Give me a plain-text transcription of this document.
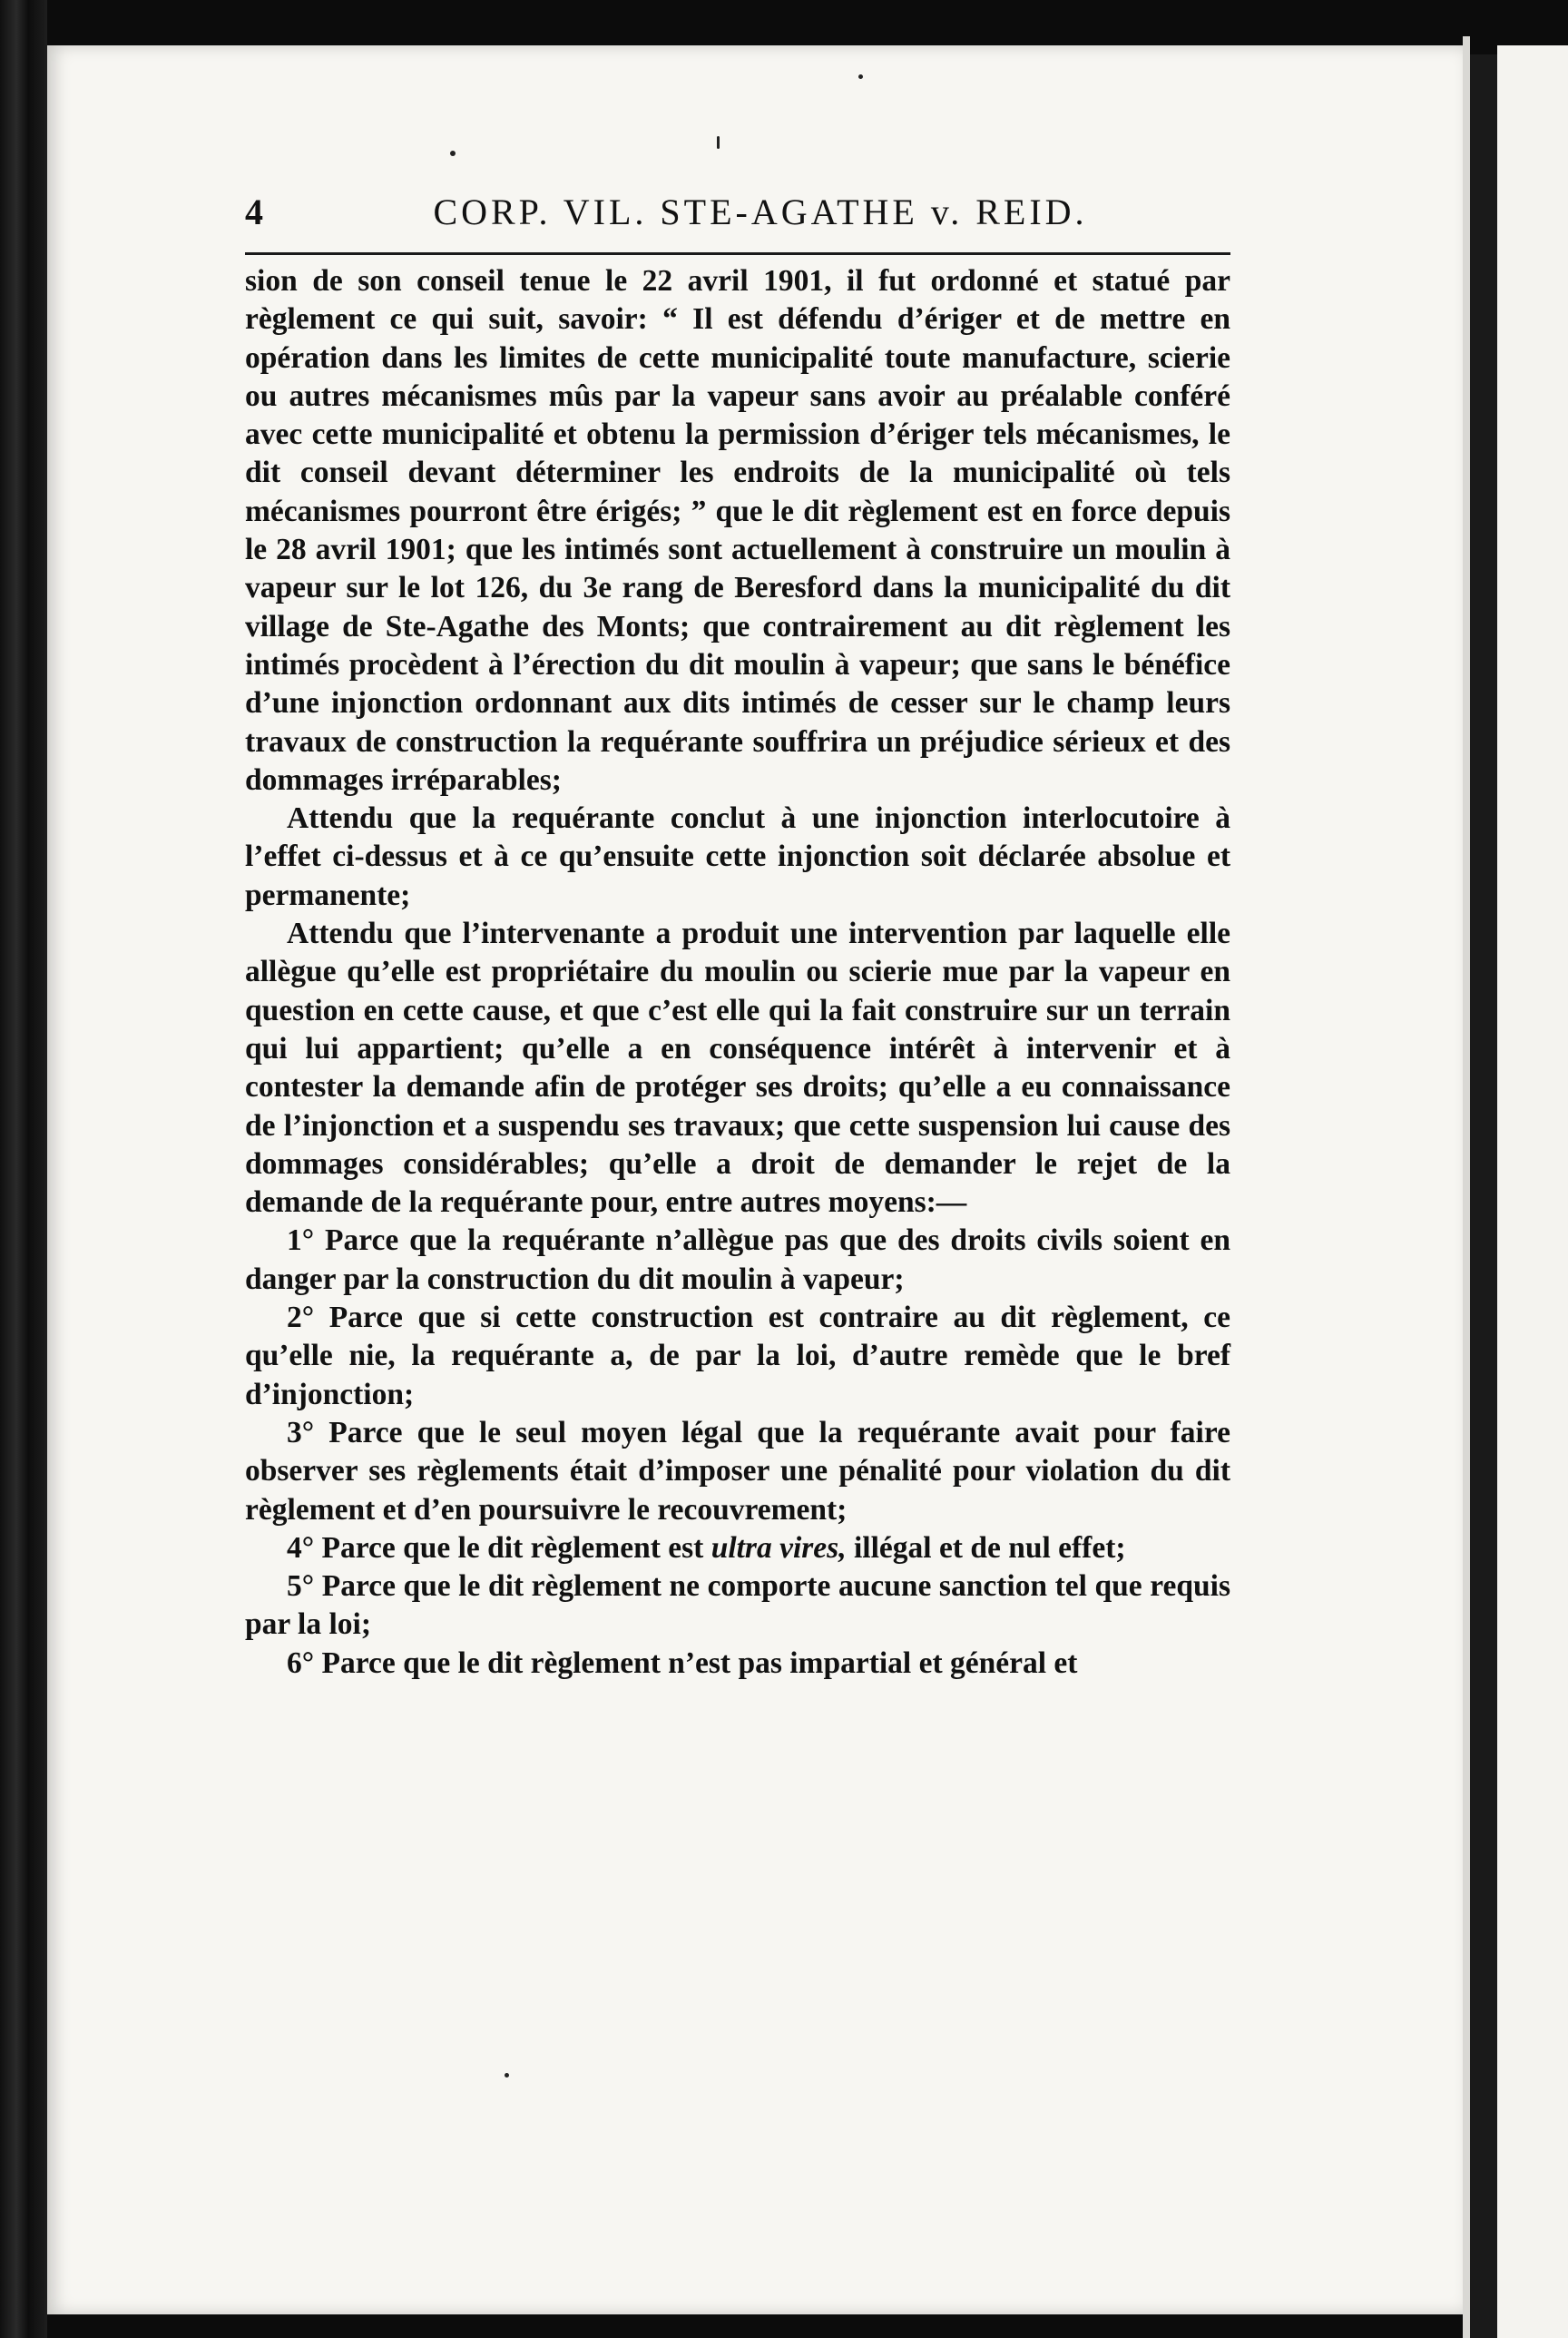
4	CORP. VIL. STE-AGATHE v. REID.

sion de son conseil tenue le 22 avril 1901, il fut ordonné et statué par règlement ce qui suit, savoir: “ Il est défendu d’ériger et de mettre en opération dans les limites de cette municipalité toute manufacture, scierie ou autres mécanismes mûs par la vapeur sans avoir au préalable conféré avec cette municipalité et obtenu la permission d’ériger tels mécanismes, le dit conseil devant déterminer les endroits de la municipalité où tels mécanismes pourront être érigés; ” que le dit règlement est en force depuis le 28 avril 1901; que les intimés sont actuellement à construire un moulin à vapeur sur le lot 126, du 3e rang de Beresford dans la municipalité du dit village de Ste-Agathe des Monts; que contrairement au dit règlement les intimés procèdent à l’érection du dit moulin à vapeur; que sans le bénéfice d’une injonction ordonnant aux dits intimés de cesser sur le champ leurs travaux de construction la requérante souffrira un préjudice sérieux et des dommages irréparables;

Attendu que la requérante conclut à une injonction interlocutoire à l’effet ci-dessus et à ce qu’ensuite cette injonction soit déclarée absolue et permanente;

Attendu que l’intervenante a produit une intervention par laquelle elle allègue qu’elle est propriétaire du moulin ou scierie mue par la vapeur en question en cette cause, et que c’est elle qui la fait construire sur un terrain qui lui appartient; qu’elle a en conséquence intérêt à intervenir et à contester la demande afin de protéger ses droits; qu’elle a eu connaissance de l’injonction et a suspendu ses travaux; que cette suspension lui cause des dommages considérables; qu’elle a droit de demander le rejet de la demande de la requérante pour, entre autres moyens:—

1° Parce que la requérante n’allègue pas que des droits civils soient en danger par la construction du dit moulin à vapeur;

2° Parce que si cette construction est contraire au dit règlement, ce qu’elle nie, la requérante a, de par la loi, d’autre remède que le bref d’injonction;

3° Parce que le seul moyen légal que la requérante avait pour faire observer ses règlements était d’imposer une pénalité pour violation du dit règlement et d’en poursuivre le recouvrement;

4° Parce que le dit règlement est ultra vires, illégal et de nul effet;

5° Parce que le dit règlement ne comporte aucune sanction tel que requis par la loi;

6° Parce que le dit règlement n’est pas impartial et général et
